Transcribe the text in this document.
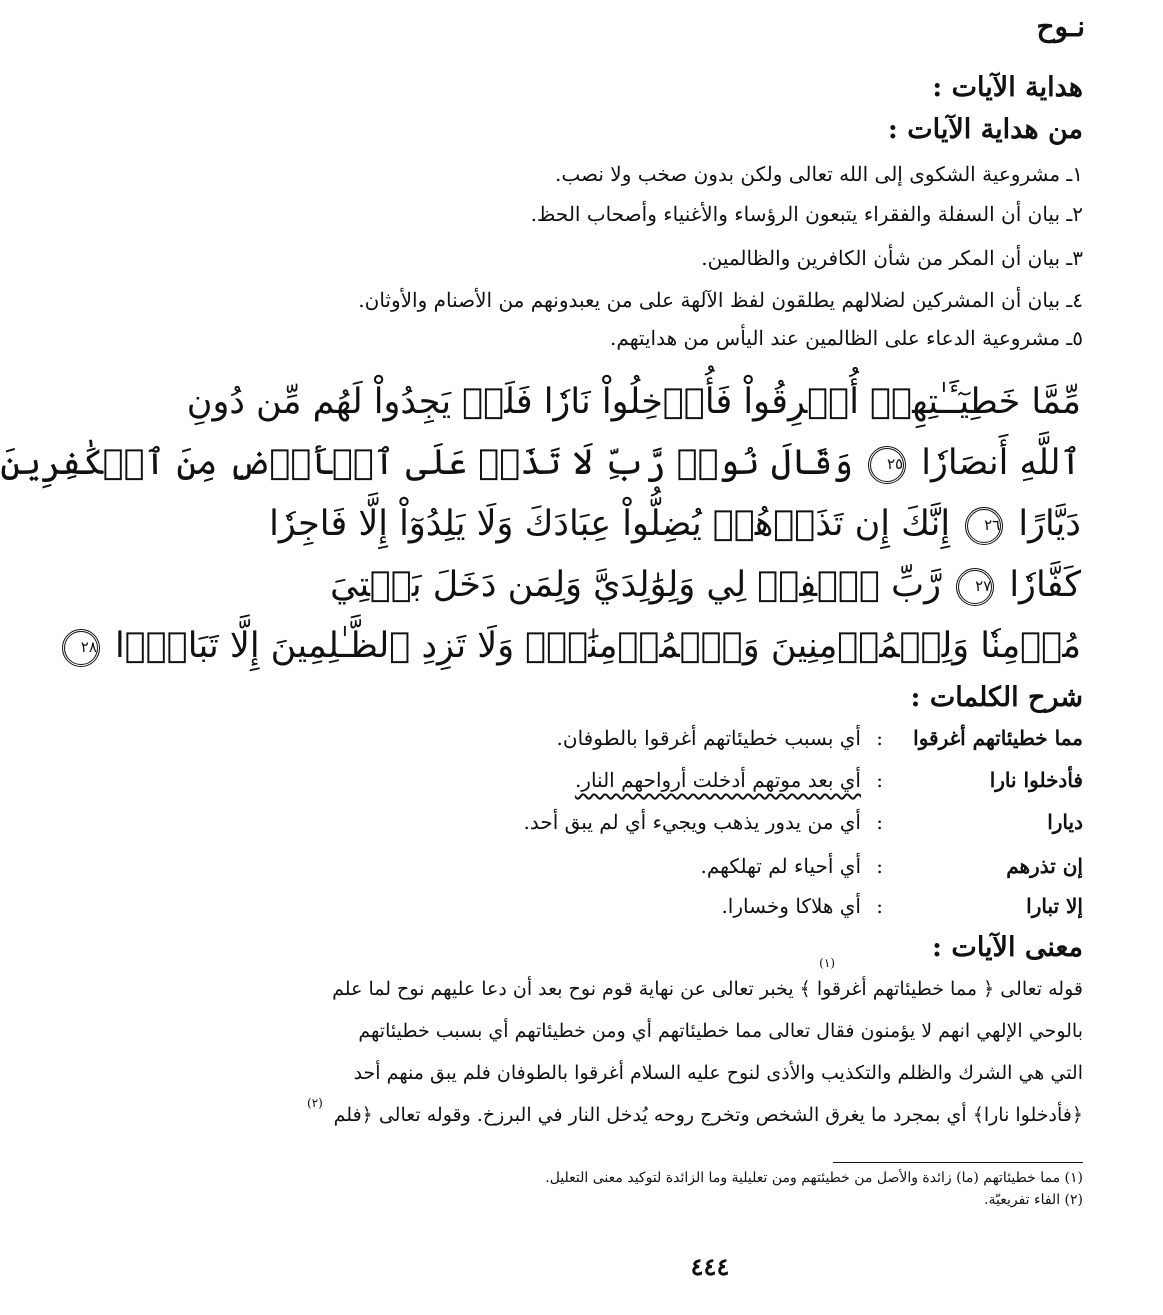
نـوح
هداية الآيات :
من هداية الآيات :
١ـ مشروعية الشكوى إلى الله تعالى ولكن بدون صخب ولا نصب.
٢ـ بيان أن السفلة والفقراء يتبعون الرؤساء والأغنياء وأصحاب الحظ.
٣ـ بيان أن المكر من شأن الكافرين والظالمين.
٤ـ بيان أن المشركين لضلالهم يطلقون لفظ الآلهة على من يعبدونهم من الأصنام والأوثان.
٥ـ مشروعية الدعاء على الظالمين عند اليأس من هدايتهم.
مِّمَّا خَطِيٓـَٔـٰتِهِمۡ أُغۡرِقُواْ فَأُدۡخِلُواْ نَارٗا فَلَمۡ يَجِدُواْ لَهُم مِّن دُونِ
ٱللَّهِ أَنصَارٗا ٢٥ وَقَالَ نُوحٞ رَّبِّ لَا تَذَرۡ عَلَى ٱلۡأَرۡضِ مِنَ ٱلۡكَٰفِرِينَ
دَيَّارًا ٢٦ إِنَّكَ إِن تَذَرۡهُمۡ يُضِلُّواْ عِبَادَكَ وَلَا يَلِدُوٓاْ إِلَّا فَاجِرٗا
كَفَّارٗا ٢٧ رَّبِّ ٱغۡفِرۡ لِي وَلِوَٰلِدَيَّ وَلِمَن دَخَلَ بَيۡتِيَ
مُؤۡمِنٗا وَلِلۡمُؤۡمِنِينَ وَٱلۡمُؤۡمِنَٰتِۖ وَلَا تَزِدِ ٱلظَّـٰلِمِينَ إِلَّا تَبَارَۢا ٢٨
شرح الكلمات :
مما خطيئاتهم أغرقوا
:
أي بسبب خطيئاتهم أغرقوا بالطوفان.
فأدخلوا نارا
:
أي بعد موتهم أدخلت أرواحهم النار.
ديارا
:
أي من يدور يذهب ويجيء أي لم يبق أحد.
إن تذرهم
:
أي أحياء لم تهلكهم.
إلا تبارا
:
أي هلاكا وخسارا.
معنى الآيات :
(١)
(٢)
قوله تعالى ﴿ مما خطيئاتهم أغرقوا ﴾ يخبر تعالى عن نهاية قوم نوح بعد أن دعا عليهم نوح لما علم
بالوحي الإلهي انهم لا يؤمنون فقال تعالى مما خطيئاتهم أي ومن خطيئاتهم أي بسبب خطيئاتهم
التي هي الشرك والظلم والتكذيب والأذى لنوح عليه السلام أغرقوا بالطوفان فلم يبق منهم أحد
﴿فأدخلوا نارا﴾ أي بمجرد ما يغرق الشخص وتخرج روحه يُدخل النار في البرزخ. وقوله تعالى ﴿فلم
(١) مما خطيئاتهم (ما) زائدة والأصل من خطيئتهم ومن تعليلية وما الزائدة لتوكيد معنى التعليل.
(٢) الفاء تفريعيّة.
٤٤٤
